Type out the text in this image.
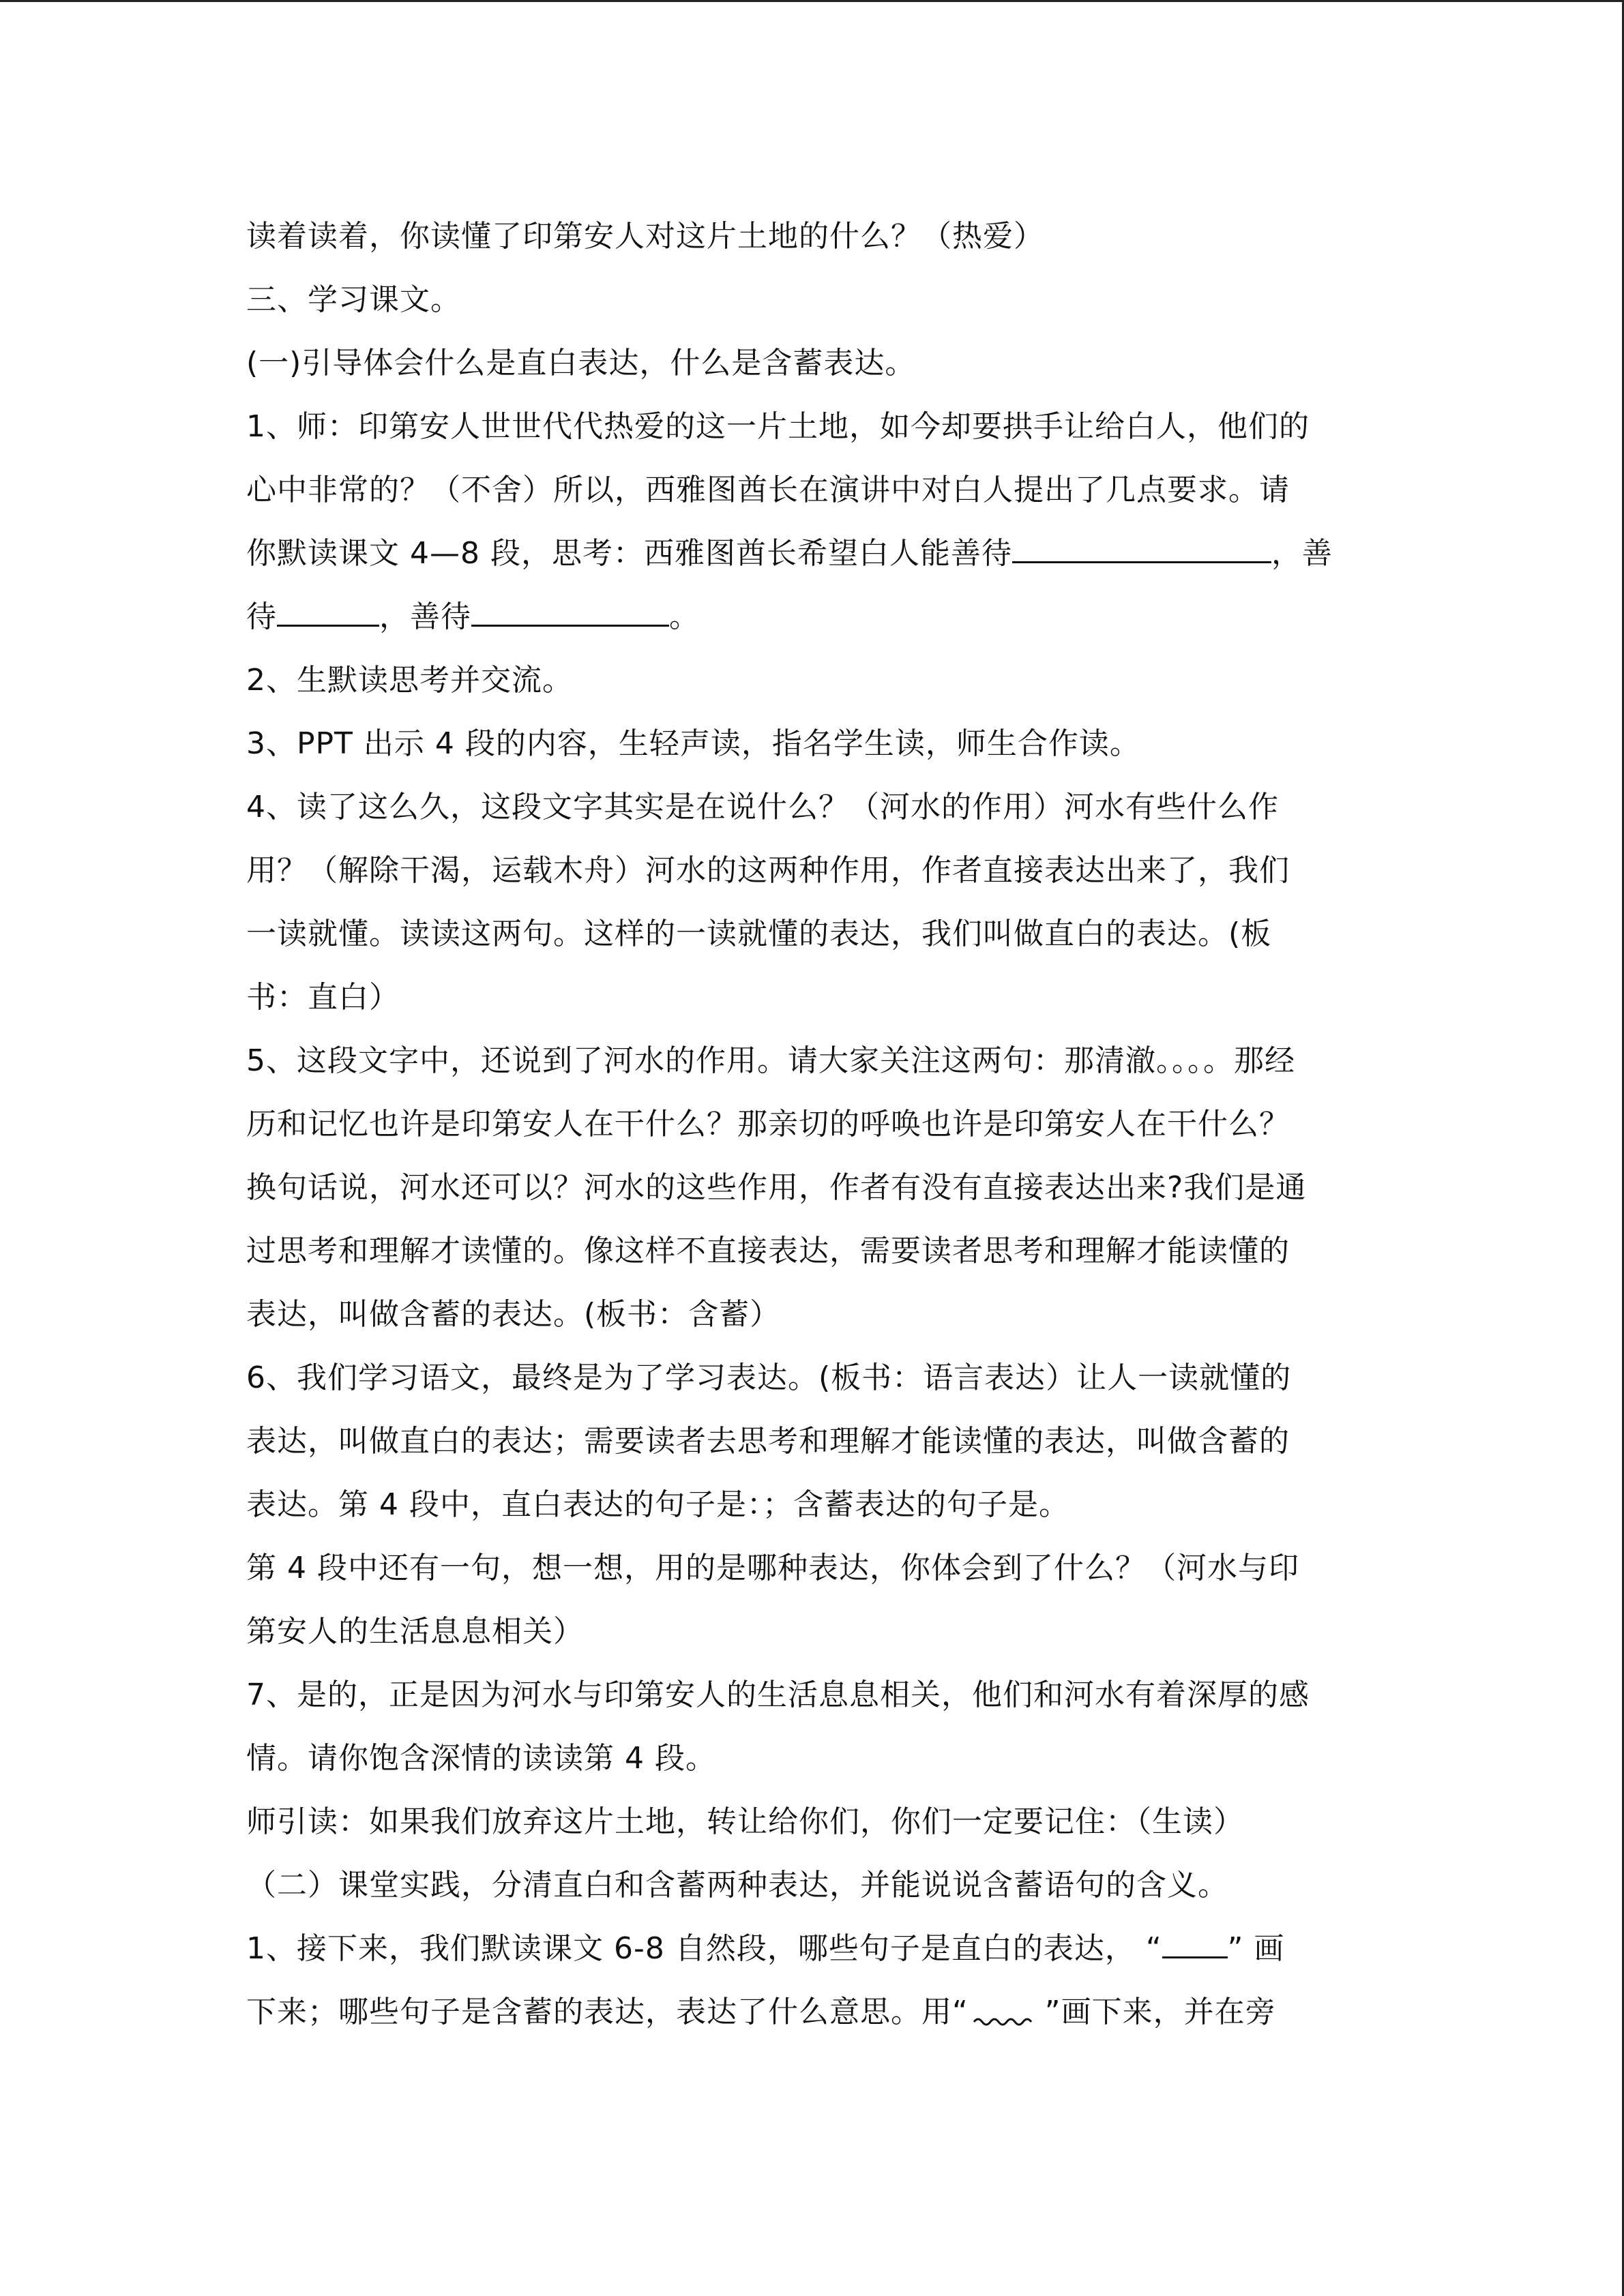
读着读着，你读懂了印第安人对这片土地的什么？（热爱）
三、学习课文。
(一)引导体会什么是直白表达，什么是含蓄表达。
1、师：印第安人世世代代热爱的这一片土地，如今却要拱手让给白人，他们的
心中非常的？（不舍）所以，西雅图酋长在演讲中对白人提出了几点要求。请
你默读课文 4—8 段，思考：西雅图酋长希望白人能善待	，善
待	，善待	。
2、生默读思考并交流。
3、PPT 出示 4 段的内容，生轻声读，指名学生读，师生合作读。
4、读了这么久，这段文字其实是在说什么？（河水的作用）河水有些什么作
用？（解除干渴，运载木舟）河水的这两种作用，作者直接表达出来了，我们
一读就懂。读读这两句。这样的一读就懂的表达，我们叫做直白的表达。(板
书：直白）
5、这段文字中，还说到了河水的作用。请大家关注这两句：那清澈。。。。那经
历和记忆也许是印第安人在干什么？那亲切的呼唤也许是印第安人在干什么？
换句话说，河水还可以？河水的这些作用，作者有没有直接表达出来?我们是通
过思考和理解才读懂的。像这样不直接表达，需要读者思考和理解才能读懂的
表达，叫做含蓄的表达。(板书：含蓄）
6、我们学习语文，最终是为了学习表达。(板书：语言表达）让人一读就懂的
表达，叫做直白的表达；需要读者去思考和理解才能读懂的表达，叫做含蓄的
表达。第 4 段中，直白表达的句子是：；含蓄表达的句子是。
第 4 段中还有一句，想一想，用的是哪种表达，你体会到了什么？（河水与印
第安人的生活息息相关）
7、是的，正是因为河水与印第安人的生活息息相关，他们和河水有着深厚的感
情。请你饱含深情的读读第 4 段。
师引读：如果我们放弃这片土地，转让给你们，你们一定要记住：（生读）
（二）课堂实践，分清直白和含蓄两种表达，并能说说含蓄语句的含义。
1、接下来，我们默读课文 6-8 自然段，哪些句子是直白的表达， “ ” 画
下来；哪些句子是含蓄的表达，表达了什么意思。用“	”画下来，并在旁
